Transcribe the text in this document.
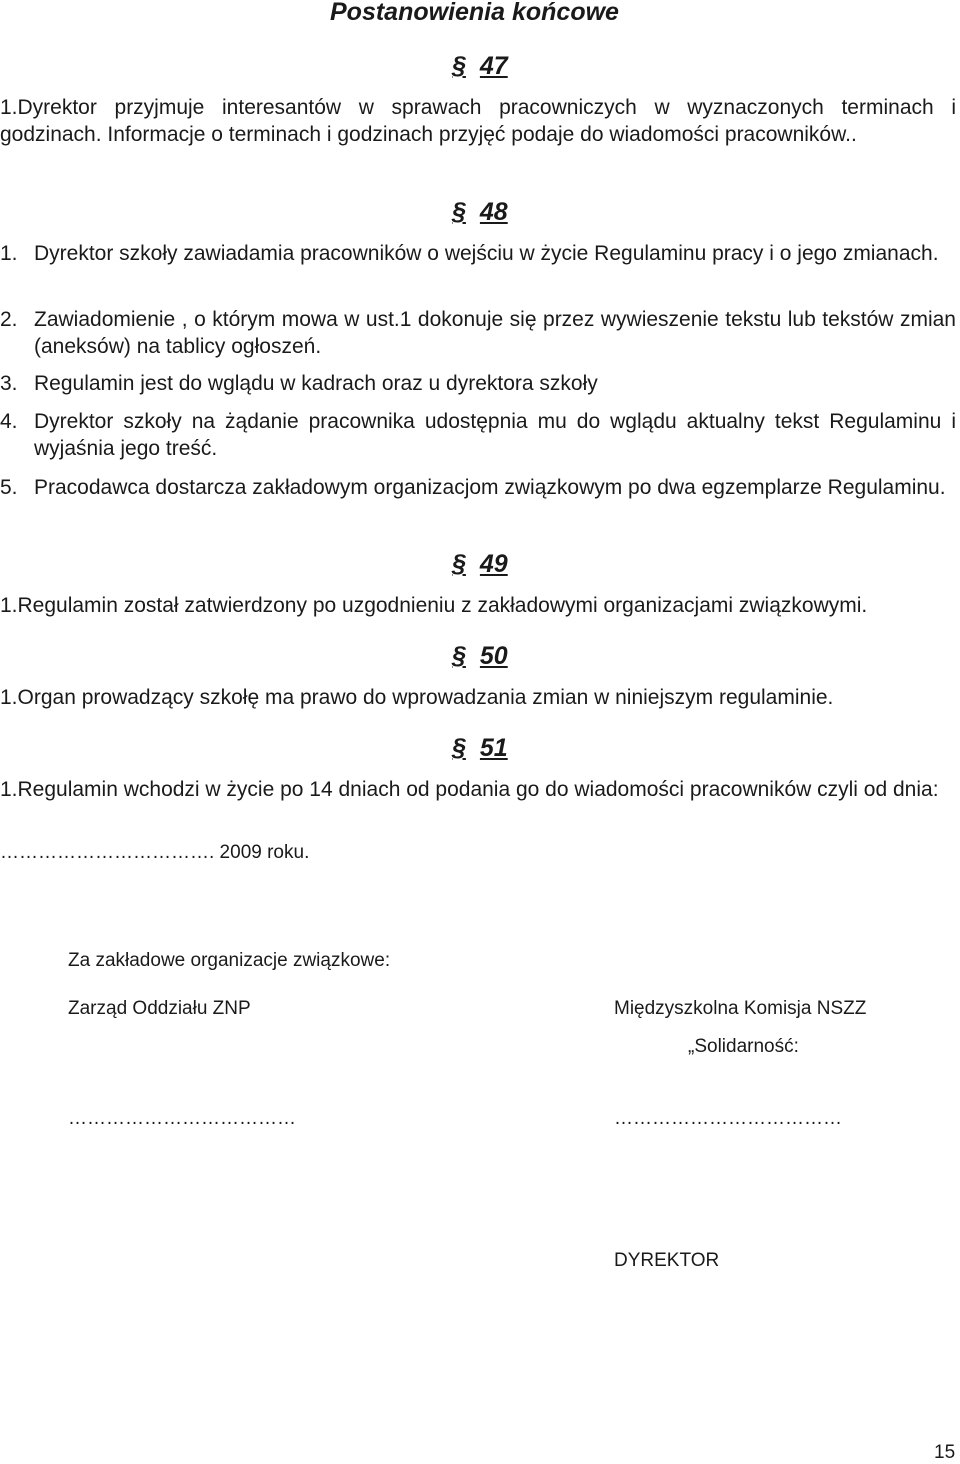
Postanowienia końcowe
§ 47
1.Dyrektor przyjmuje interesantów w sprawach pracowniczych w wyznaczonych terminach i godzinach. Informacje o terminach i godzinach przyjęć podaje do wiadomości pracowników..
§ 48
1. Dyrektor szkoły zawiadamia pracowników o wejściu w życie Regulaminu pracy i o jego zmianach.
2. Zawiadomienie , o którym mowa w ust.1 dokonuje się przez wywieszenie tekstu lub tekstów zmian (aneksów) na tablicy ogłoszeń.
3. Regulamin jest do wglądu w kadrach oraz u dyrektora szkoły
4. Dyrektor szkoły na żądanie pracownika udostępnia mu do wglądu aktualny tekst Regulaminu i wyjaśnia jego treść.
5. Pracodawca dostarcza zakładowym organizacjom związkowym po dwa egzemplarze Regulaminu.
§ 49
1.Regulamin został zatwierdzony po uzgodnieniu z zakładowymi organizacjami związkowymi.
§ 50
1.Organ prowadzący szkołę ma prawo do wprowadzania zmian w niniejszym regulaminie.
§ 51
1.Regulamin wchodzi w życie po 14 dniach od podania go do wiadomości pracowników czyli od dnia:
……………………………. 2009 roku.
Za zakładowe organizacje związkowe:
Zarząd Oddziału ZNP	Międzyszkolna Komisja NSZZ
„Solidarność:
………………………………	………………………………
DYREKTOR
15
